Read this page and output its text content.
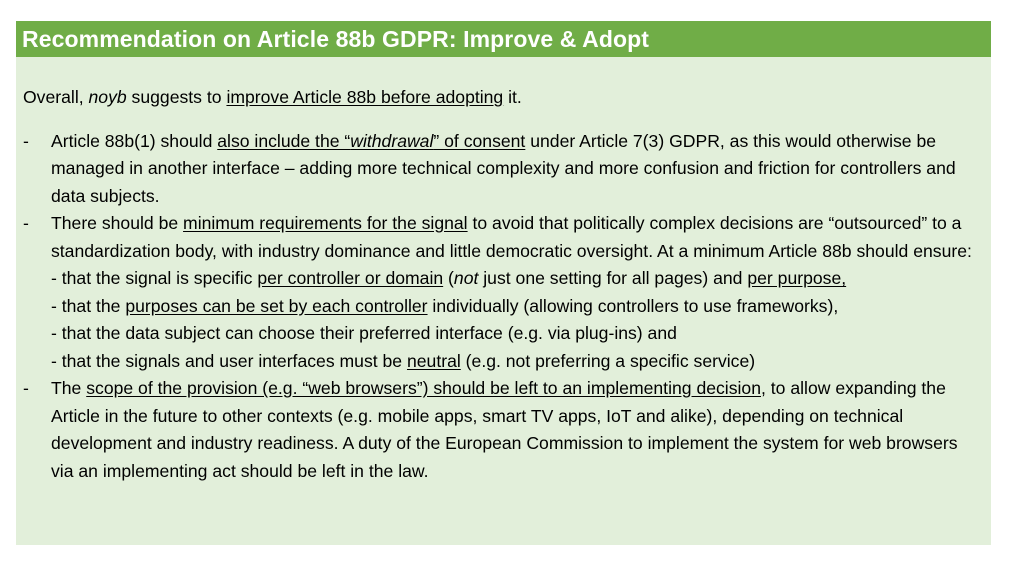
Recommendation on Article 88b GDPR: Improve & Adopt

Overall, noyb suggests to improve Article 88b before adopting it.

- Article 88b(1) should also include the “withdrawal” of consent under Article 7(3) GDPR, as this would otherwise be managed in another interface – adding more technical complexity and more confusion and friction for controllers and data subjects.
- There should be minimum requirements for the signal to avoid that politically complex decisions are “outsourced” to a standardization body, with industry dominance and little democratic oversight. At a minimum Article 88b should ensure:
- that the signal is specific per controller or domain (not just one setting for all pages) and per purpose,
- that the purposes can be set by each controller individually (allowing controllers to use frameworks),
- that the data subject can choose their preferred interface (e.g. via plug-ins) and
- that the signals and user interfaces must be neutral (e.g. not preferring a specific service)
- The scope of the provision (e.g. “web browsers”) should be left to an implementing decision, to allow expanding the Article in the future to other contexts (e.g. mobile apps, smart TV apps, IoT and alike), depending on technical development and industry readiness. A duty of the European Commission to implement the system for web browsers via an implementing act should be left in the law.
